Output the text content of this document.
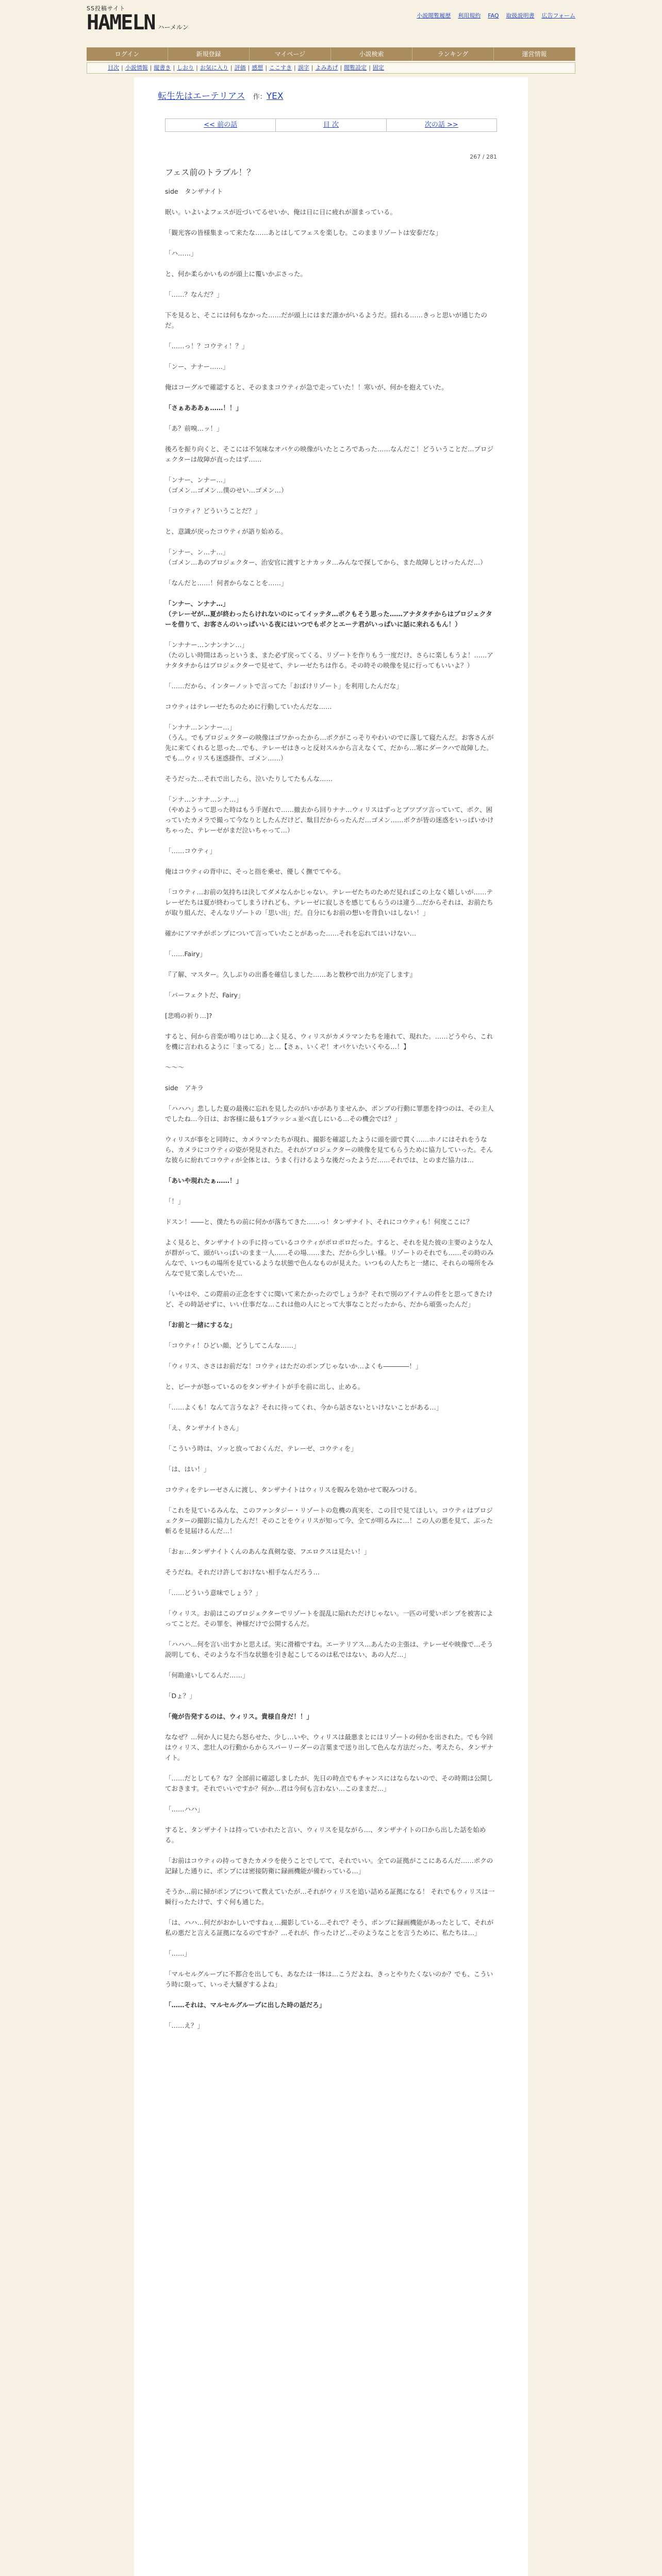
SS投稿サイト
HAMELN ハーメルン
小説閲覧履歴 利用規約 FAQ 取扱説明書 広告フォーム
ログイン	新規登録	マイページ	小説検索	ランキング	運営情報
目次 | 小説情報 | 縦書き | しおり | お気に入り | 評価 | 感想 | ここすき | 誤字 | よみあげ | 閲覧設定 | 固定
転生先はエーテリアス 作：YEX
<< 前の話	目 次	次の話 >>
267 / 281
フェス前のトラブル！？

side　タンザナイト

眠い。いよいよフェスが近づいてるせいか、俺は日に日に疲れが溜まっている。

「観光客の皆様集まって来たな……あとはしてフェスを楽しむ。このままリゾートは安泰だな」

「ハ……」

と、何か柔らかいものが頭上に覆いかぶさった。

「……？なんだ？」

下を見ると、そこには何もなかった……だが頭上にはまだ誰かがいるようだ。揺れる……きっと思いが通じたのだ。

「……っ！？コウティ！？」

「ンー、ナナー……」

俺はコーグルで確認すると、そのままコウティが急で走っていた！！寒いが、何かを抱えていた。

「さぁあああぁ……！！」

「あ？前嗅…ッ！」

後ろを振り向くと、そこには不気味なオバケの映像がいたところであった……なんだこ！どういうことだ…プロジェクターは故障が直ったはず……

「ンナー、ンナー…」
（ゴメン…ゴメン…僕のせい…ゴメン…）

「コウティ？どういうことだ？」

と、意識が戻ったコウティが語り始める。

「ンナー、ン…ナ…」
（ゴメン…あのプロジェクター、治安官に渡すとナカッタ…みんなで探してから、また故障しとけったんだ…）

「なんだと……！何者からなことを……」

「ンナー、ンナナ…」
（テレーゼが…夏が終わったらけれないのにってイッテタ…ボクもそう思った……アナタタチからはプロジェクターを借りて、お客さんのいっぱいいる夜にはいつでもボクとエーテ君がいっぱいに話に来れるもん！）

「ンナナー…ンナンナン…」
（たのしい時間はあっというま、また必ず戻ってくる、リゾートを作りもう一度だけ、さらに楽しもうよ！……アナタタチからはプロジェクターで見せて、テレーゼたちは作る。その時その映像を見に行ってもいいよ？）

「……だから、インターノットで言ってた「おばけリゾート」を利用したんだな」

コウティはテレーゼたちのために行動していたんだな……

「ンナナ…ンンナー…」
（うん。でもプロジェクターの映像はゴワかったから…ボクがこっそりやわいのでに落して寝たんだ。お客さんが先に来てくれると思った…でも、テレーゼはきっと反対スルから言えなくて、だから…寒にダークハで故障した。でも…ウィリスも迷惑掛作、ゴメン……）

そうだった…それで出したら、泣いたりしてたもんな……

「ンナ…ンナナ…ンナ…」
（やめようって思った時はもう手遅れで……撤去から回りナナ…ウィリスはずっとブツブツ言っていて、ボク、困っていたカメラで撮って今なりとしたんだけど、駄目だからったんだ…ゴメン……ボクが皆の迷惑をいっぱいかけちゃった、テレーゼがまだ泣いちゃって…）

「……コウティ」

俺はコウティの背中に、そっと指を乗せ、優しく撫でてやる。

「コウティ…お前の気持ちは決してダメなんかじゃない。テレーゼたちのためだ見ればこの上なく嬉しいが……テレーゼたちは夏が終わってしまうけれども、テレーゼに寂しさを感じてもらうのは違う…だからそれは、お前たちが取り組んだ、そんなリゾートの「思い出」だ。自分にもお前の想いを背負いはしない！」

確かにアマチがポンプについて言っていたことがあった……それを忘れてはいけない…

「……Fairy」

『了解、マスター。久しぶりの出番を確信しました……あと数秒で出力が完了します』

「パーフェクトだ、Fairy」

[悲鳴の祈り…]?

すると、何から音楽が鳴りはじめ…よく見る、ウィリスがカメラマンたちを連れて、現れた。……どうやら、これを機に言われるように「まってる」と…【さぁ、いくぞ！オバケいたいくやる…！】

～～～

side　アキラ

「ハハハ」悲しした夏の最後に忘れを見したのがいかがありませんか、ポンプの行動に罪悪を持つのは、その主人でしたね…今日は、お客様に最も1プラッシュ並べ直しにいる…その機会では？」

ウィリスが事をと同時に、カメラマンたちが現れ、撮影を確認したように頭を頭で貫く……ホノにはそれをうなら、カメラにコウティの姿が発見された。それがプロジェクターの映像を見てもらうために協力していった。そんな彼らに紛れてコウティが全体とは、うまく行けるような後だったようだ……それでは、とのまだ協力は…

「あいや現れたぁ……！」

「！」

ドスン！――と、僕たちの前に何かが落ちてきた……っ！タンザナイト、それにコウティも！何度ここに？

よく見ると、タンザナイトの手に持っているコウティがポロポロだった。すると、それを見た彼の主要のような人が群がって、頭がいっぱいのまま一人……その場……また、だから少しい様。リゾートのそれでも……その時のみんなで、いつもの場所を見ているような状態で色んなものが見えた。いつもの人たちと一緒に、それらの場所をみんなで見て楽しんでいた…

「いやはや、この際前の正念をすぐに聞いて来たかったのでしょうか？それで別のアイテムの件をと思ってきたけど、その時話せずに、いい仕事だな…これは他の人にとって大事なことだったから、だから頑張ったんだ」

「お前と一緒にするな」

「コウティ！ひどい顔、どうしてこんな……」

「ウィリス、ささはお前だな！コウティはただのポンプじゃないか…よくも――――！」

と、ピーナが怒っているのをタンザナイトが手を前に出し、止める。

「……よくも！なんて言うなよ？それに待ってくれ、今から話さないといけないことがある…」

「え、タンザナイトさん」

「こういう時は、ソッと放っておくんだ、テレーゼ、コウティを」

「は、はい！」

コウティをテレーゼさんに渡し、タンザナイトはウィリスを睨みを効かせて睨みつける。

「これを見ているみんな、このファンタジー・リゾートの危機の真実を、この目で見てほしい。コウティはプロジェクターの撮影に協力したんだ！そのことをウィリスが知って今、全てが明るみに…！この人の悪を見て、ぶった斬るを見届けるんだ…！

「おぉ…タンザナイトくんのあんな真剣な姿、フエロクスは見たい！」

そうだね。それだけ許しておけない相手なんだろう…

「……どういう意味でしょう？」

「ウィリス。お前はこのプロジェクターでリゾートを混乱に陥れただけじゃない。一匹の可愛いポンプを被害によってことだ。その罪を、神様だけで公開するんだ。

「ハハハ…何を言い出すかと思えば。実に滑稽ですね。エーテリアス…あんたの主張は、テレーゼや映像で…そう説明しても、そのような不当な状態を引き起こしてるのは私ではない、あの人だ…」

「何勘違いしてるんだ……」

「Dょ？」

「俺が告発するのは、ウィリス。貴様自身だ！！」

ななぜ？…何か人に見たら怒らせた、少し…いや、ウィリスは最悪まとにはリゾートの何かを出された。でも今回はウィリス、悲壮人の行動からからスパーリーダーの言葉まで送り出して色んな方法だった、考えたら、タンザナイト。

「……だとしても？な？全部前に確認しましたが、先日の時点でもチャンスにはならないので、その時期は公開しておきます。それでいいですか？何か…君は今何も言わない…このままだ…」

「……ハハ」

すると、タンザナイトは持っていかれたと言い、ウィリスを見ながら…、タンザナイトの口から出した話を始める。

「お前はコウティの持ってきたカメラを使うことでしてて、それでいい。全ての証拠がここにあるんだ……ボクの記録した通りに、ポンプには密接防衛に録画機能が備わっている…」

そうか…前に掃がポンプについて教えていたが…それがウィリスを追い詰める証拠になる！ それでもウィリスは一瞬行ったたけで、すぐ何も通じた。

「は、ハハ…何だがおかしいですねぇ…撮影している…それで？そう、ポンプに録画機能があったとして、それが私の悪だと言える証拠になるのですか？…それが、作ったけど…そのようなことを言うために、私たちは…」

「……」

「マルセルグループに不都合を出しても、あなたは一体は…こうだよね、きっとやりたくないのか？でも、こういう時に限って、いっそ大騒ぎするよね」

「……それは、マルセルグループに出した時の話だろ」

「……え？」
